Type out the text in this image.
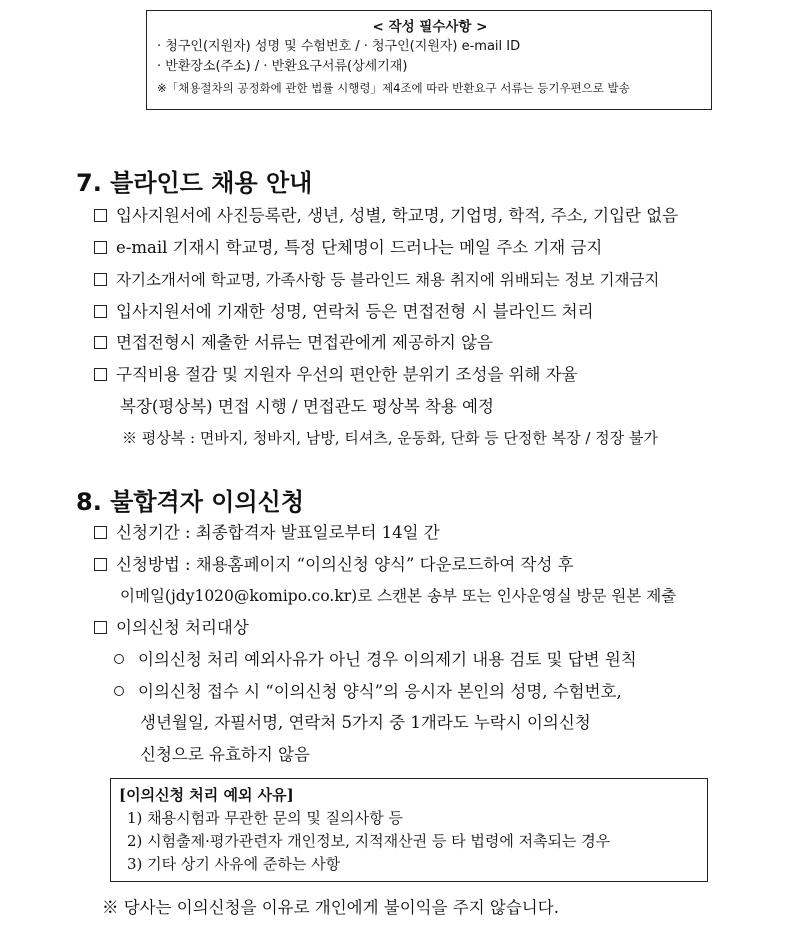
< 작성 필수사항 >
· 청구인(지원자) 성명 및 수험번호 / · 청구인(지원자) e-mail ID
· 반환장소(주소) / · 반환요구서류(상세기재)
※「채용절차의 공정화에 관한 법률 시행령」제4조에 따라 반환요구 서류는 등기우편으로 발송
7. 블라인드 채용 안내
입사지원서에 사진등록란, 생년, 성별, 학교명, 기업명, 학적, 주소, 기입란 없음
e-mail 기재시 학교명, 특정 단체명이 드러나는 메일 주소 기재 금지
자기소개서에 학교명, 가족사항 등 블라인드 채용 취지에 위배되는 정보 기재금지
입사지원서에 기재한 성명, 연락처 등은 면접전형 시 블라인드 처리
면접전형시 제출한 서류는 면접관에게 제공하지 않음
구직비용 절감 및 지원자 우선의 편안한 분위기 조성을 위해 자율
복장(평상복) 면접 시행 / 면접관도 평상복 착용 예정
※ 평상복 : 면바지, 청바지, 남방, 티셔츠, 운동화, 단화 등 단정한 복장 / 정장 불가
8. 불합격자 이의신청
신청기간 : 최종합격자 발표일로부터 14일 간
신청방법 : 채용홈페이지 “이의신청 양식” 다운로드하여 작성 후
이메일(jdy1020@komipo.co.kr)로 스캔본 송부 또는 인사운영실 방문 원본 제출
이의신청 처리대상
이의신청 처리 예외사유가 아닌 경우 이의제기 내용 검토 및 답변 원칙
이의신청 접수 시 “이의신청 양식”의 응시자 본인의 성명, 수험번호,
생년월일, 자필서명, 연락처 5가지 중 1개라도 누락시 이의신청
신청으로 유효하지 않음
[이의신청 처리 예외 사유]
1) 채용시험과 무관한 문의 및 질의사항 등
2) 시험출제·평가관련자 개인정보, 지적재산권 등 타 법령에 저촉되는 경우
3) 기타 상기 사유에 준하는 사항
※ 당사는 이의신청을 이유로 개인에게 불이익을 주지 않습니다.
